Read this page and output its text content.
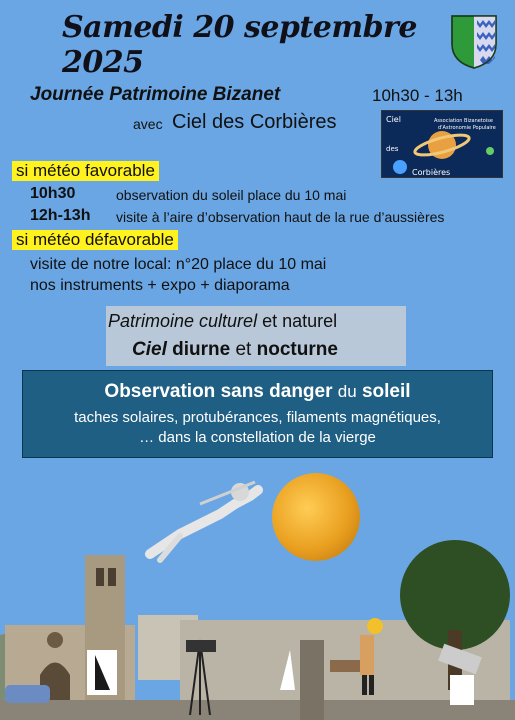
Samedi 20 septembre 2025
Journée Patrimoine Bizanet	10h30 - 13h
avec Ciel des Corbières	Ciel
des
Corbières
Association Bizanetoise
d'Astronomie Populaire
si météo favorable
10h30	observation du soleil place du 10 mai
12h-13h visite à l’aire d’observation haut de la rue d’aussières
si météo défavorable
visite de notre local: n°20 place du 10 mai
nos instruments + expo + diaporama
Patrimoine culturel et naturel
Ciel diurne et nocturne
Observation sans danger du soleil
taches solaires, protubérances, filaments magnétiques,
… dans la constellation de la vierge
